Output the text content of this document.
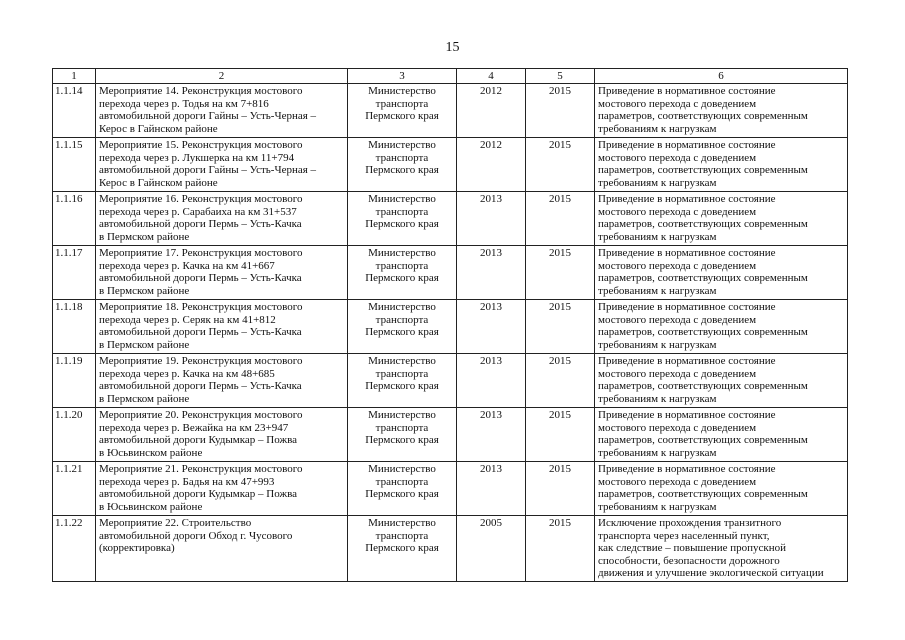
15
1	2	3	4	5	6
1.1.14	Мероприятие 14. Реконструкция мостового
перехода через р. Тодья на км 7+816
автомобильной дороги Гайны – Усть-Черная –
Керос в Гайнском районе	Министерство
транспорта
Пермского края	2012	2015	Приведение в нормативное состояние
мостового перехода с доведением
параметров, соответствующих современным
требованиям к нагрузкам

1.1.15	Мероприятие 15. Реконструкция мостового
перехода через р. Лукшерка на км 11+794
автомобильной дороги Гайны – Усть-Черная –
Керос в Гайнском районе	Министерство
транспорта
Пермского края	2012	2015	Приведение в нормативное состояние
мостового перехода с доведением
параметров, соответствующих современным
требованиям к нагрузкам

1.1.16	Мероприятие 16. Реконструкция мостового
перехода через р. Сарабаиха на км 31+537
автомобильной дороги Пермь – Усть-Качка
в Пермском районе	Министерство
транспорта
Пермского края	2013	2015	Приведение в нормативное состояние
мостового перехода с доведением
параметров, соответствующих современным
требованиям к нагрузкам

1.1.17	Мероприятие 17. Реконструкция мостового
перехода через р. Качка на км 41+667
автомобильной дороги Пермь – Усть-Качка
в Пермском районе	Министерство
транспорта
Пермского края	2013	2015	Приведение в нормативное состояние
мостового перехода с доведением
параметров, соответствующих современным
требованиям к нагрузкам

1.1.18	Мероприятие 18. Реконструкция мостового
перехода через р. Серяк на км 41+812
автомобильной дороги Пермь – Усть-Качка
в Пермском районе	Министерство
транспорта
Пермского края	2013	2015	Приведение в нормативное состояние
мостового перехода с доведением
параметров, соответствующих современным
требованиям к нагрузкам

1.1.19	Мероприятие 19. Реконструкция мостового
перехода через р. Качка на км 48+685
автомобильной дороги Пермь – Усть-Качка
в Пермском районе	Министерство
транспорта
Пермского края	2013	2015	Приведение в нормативное состояние
мостового перехода с доведением
параметров, соответствующих современным
требованиям к нагрузкам

1.1.20	Мероприятие 20. Реконструкция мостового
перехода через р. Вежайка на км 23+947
автомобильной дороги Кудымкар – Пожва
в Юсьвинском районе	Министерство
транспорта
Пермского края	2013	2015	Приведение в нормативное состояние
мостового перехода с доведением
параметров, соответствующих современным
требованиям к нагрузкам

1.1.21	Мероприятие 21. Реконструкция мостового
перехода через р. Бадья на км 47+993
автомобильной дороги Кудымкар – Пожва
в Юсьвинском районе	Министерство
транспорта
Пермского края	2013	2015	Приведение в нормативное состояние
мостового перехода с доведением
параметров, соответствующих современным
требованиям к нагрузкам

1.1.22	Мероприятие 22. Строительство
автомобильной дороги Обход г. Чусового
(корректировка)	Министерство
транспорта
Пермского края	2005	2015	Исключение прохождения транзитного
транспорта через населенный пункт,
как следствие – повышение пропускной
способности, безопасности дорожного
движения и улучшение экологической ситуации
